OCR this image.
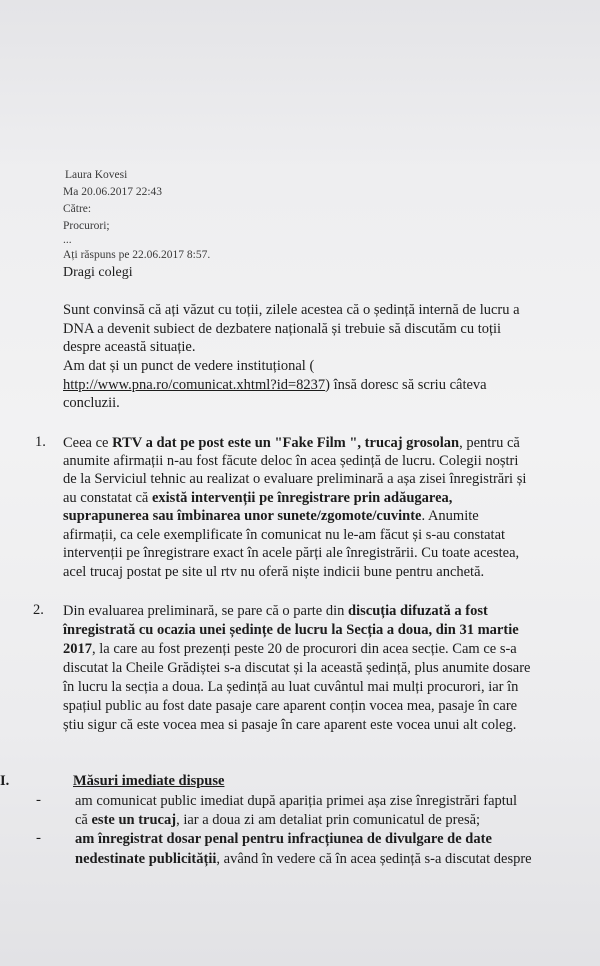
Laura Kovesi
Ma 20.06.2017 22:43
Către:
Procurori;
...
Ați răspuns pe 22.06.2017 8:57.
Dragi colegi
Sunt convinsă că ați văzut cu toții, zilele acestea că o ședință internă de lucru a
DNA a devenit subiect de dezbatere națională și trebuie să discutăm cu toții
despre această situație.
Am dat și un punct de vedere instituțional (
http://www.pna.ro/comunicat.xhtml?id=8237) însă doresc să scriu câteva
concluzii.
1. Ceea ce RTV a dat pe post este un "Fake Film ", trucaj grosolan, pentru că
anumite afirmații n-au fost făcute deloc în acea ședință de lucru. Colegii noștri
de la Serviciul tehnic au realizat o evaluare preliminară a așa zisei înregistrări și
au constatat că există intervenții pe înregistrare prin adăugarea,
suprapunerea sau îmbinarea unor sunete/zgomote/cuvinte. Anumite
afirmații, ca cele exemplificate în comunicat nu le-am făcut și s-au constatat
intervenții pe înregistrare exact în acele părți ale înregistrării. Cu toate acestea,
acel trucaj postat pe site ul rtv nu oferă niște indicii bune pentru anchetă.
2. Din evaluarea preliminară, se pare că o parte din discuția difuzată a fost
înregistrată cu ocazia unei ședințe de lucru la Secția a doua, din 31 martie
2017, la care au fost prezenți peste 20 de procurori din acea secție. Cam ce s-a
discutat la Cheile Grădiștei s-a discutat și la această ședință, plus anumite dosare
în lucru la secția a doua. La ședință au luat cuvântul mai mulți procurori, iar în
spațiul public au fost date pasaje care aparent conțin vocea mea, pasaje în care
știu sigur că este vocea mea si pasaje în care aparent este vocea unui alt coleg.
I.	Măsuri imediate dispuse
- am comunicat public imediat după apariția primei așa zise înregistrări faptul
că este un trucaj, iar a doua zi am detaliat prin comunicatul de presă;
- am înregistrat dosar penal pentru infracțiunea de divulgare de date
nedestinate publicității, având în vedere că în acea ședință s-a discutat despre
